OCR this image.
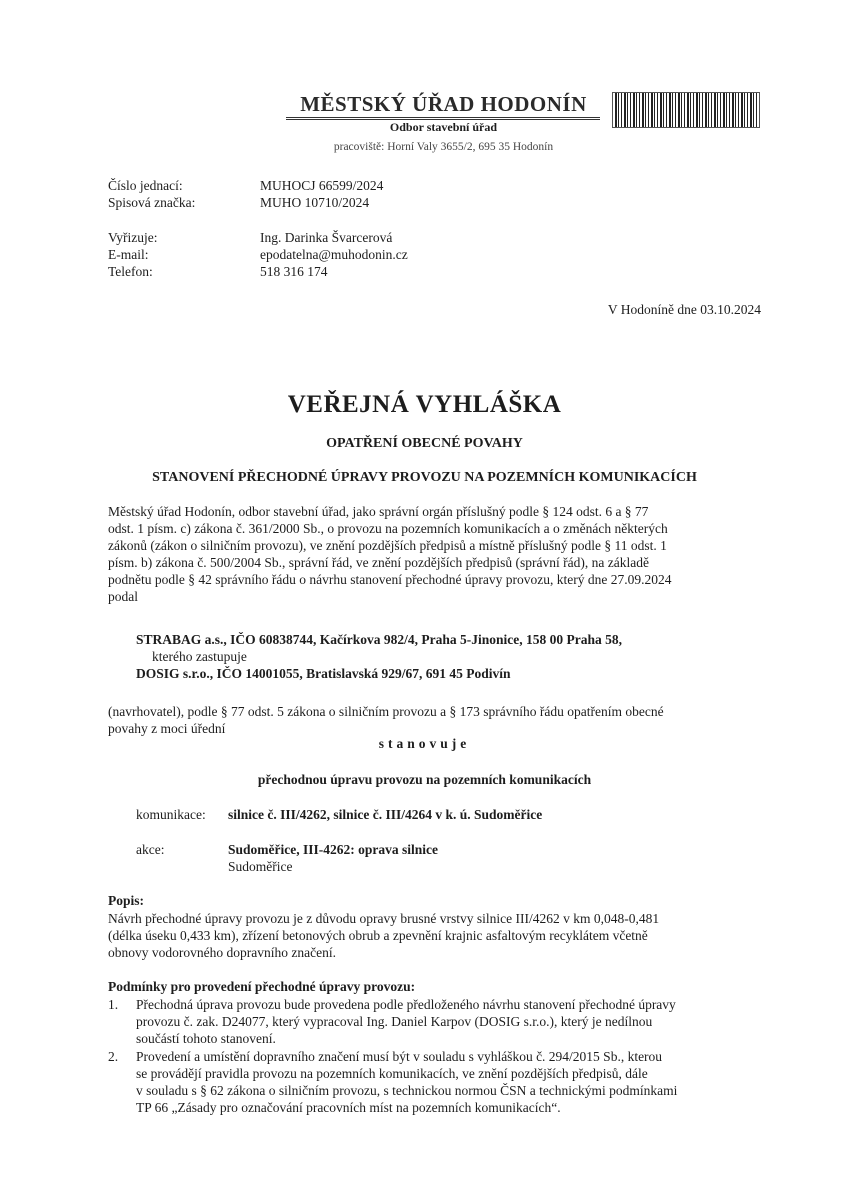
MĚSTSKÝ ÚŘAD HODONÍN
Odbor stavební úřad
pracoviště: Horní Valy 3655/2, 695 35 Hodonín
Číslo jednací:	MUHOCJ 66599/2024
Spisová značka:	MUHO 10710/2024
Vyřizuje:	Ing. Darinka Švarcerová
E-mail:	epodatelna@muhodonin.cz
Telefon:	518 316 174
V Hodoníně dne 03.10.2024
VEŘEJNÁ VYHLÁŠKA
OPATŘENÍ OBECNÉ POVAHY
STANOVENÍ PŘECHODNÉ ÚPRAVY PROVOZU NA POZEMNÍCH KOMUNIKACÍCH
Městský úřad Hodonín, odbor stavební úřad, jako správní orgán příslušný podle § 124 odst. 6 a § 77
odst. 1 písm. c) zákona č. 361/2000 Sb., o provozu na pozemních komunikacích a o změnách některých
zákonů (zákon o silničním provozu), ve znění pozdějších předpisů a místně příslušný podle § 11 odst. 1
písm. b) zákona č. 500/2004 Sb., správní řád, ve znění pozdějších předpisů (správní řád), na základě
podnětu podle § 42 správního řádu o návrhu stanovení přechodné úpravy provozu, který dne 27.09.2024
podal
STRABAG a.s., IČO 60838744, Kačírkova 982/4, Praha 5-Jinonice, 158 00 Praha 58,
kterého zastupuje
DOSIG s.r.o., IČO 14001055, Bratislavská 929/67, 691 45 Podivín
(navrhovatel), podle § 77 odst. 5 zákona o silničním provozu a § 173 správního řádu opatřením obecné
povahy z moci úřední
stanovuje
přechodnou úpravu provozu na pozemních komunikacích
komunikace: silnice č. III/4262, silnice č. III/4264 v k. ú. Sudoměřice
akce:	Sudoměřice, III-4262: oprava silnice
Sudoměřice
Popis:
Návrh přechodné úpravy provozu je z důvodu opravy brusné vrstvy silnice III/4262 v km 0,048-0,481
(délka úseku 0,433 km), zřízení betonových obrub a zpevnění krajnic asfaltovým recyklátem včetně
obnovy vodorovného dopravního značení.
Podmínky pro provedení přechodné úpravy provozu:
1. Přechodná úprava provozu bude provedena podle předloženého návrhu stanovení přechodné úpravy
provozu č. zak. D24077, který vypracoval Ing. Daniel Karpov (DOSIG s.r.o.), který je nedílnou
součástí tohoto stanovení.
2. Provedení a umístění dopravního značení musí být v souladu s vyhláškou č. 294/2015 Sb., kterou
se provádějí pravidla provozu na pozemních komunikacích, ve znění pozdějších předpisů, dále
v souladu s § 62 zákona o silničním provozu, s technickou normou ČSN a technickými podmínkami
TP 66 „Zásady pro označování pracovních míst na pozemních komunikacích“.
